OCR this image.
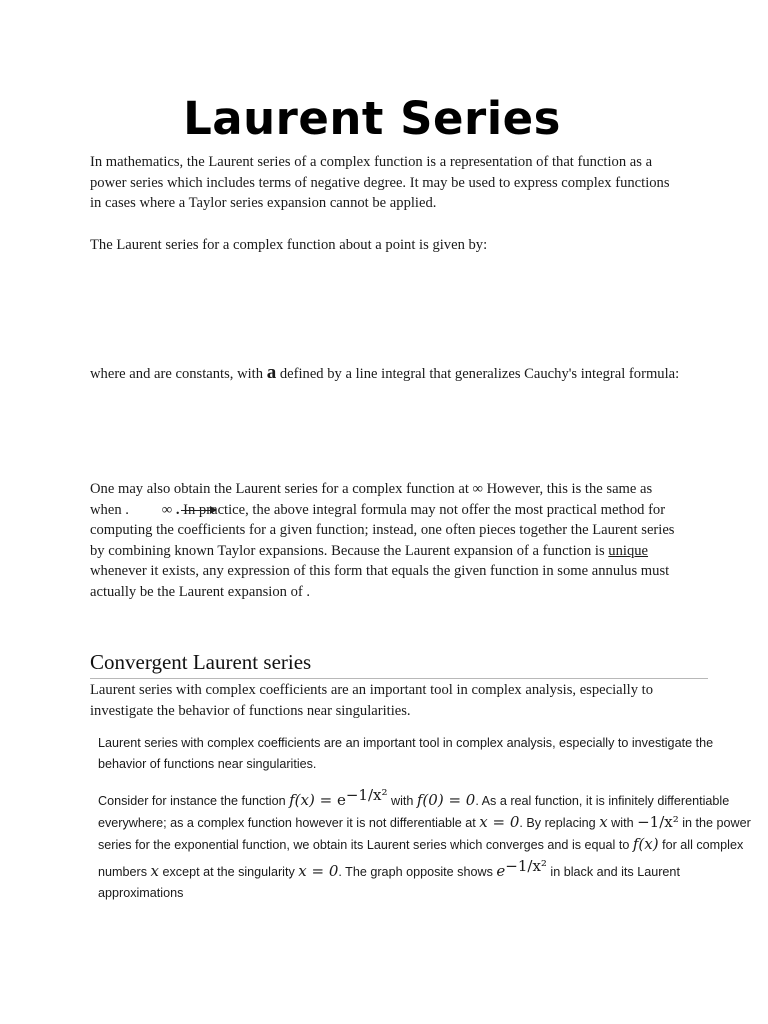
Laurent Series

In mathematics, the Laurent series of a complex function is a representation of that function as a power series which includes terms of negative degree. It may be used to express complex functions in cases where a Taylor series expansion cannot be applied.

The Laurent series for a complex function about a point is given by:

where and are constants, with a defined by a line integral that generalizes Cauchy's integral formula:

One may also obtain the Laurent series for a complex function at ∞ However, this is the same as when . ∞ . In pr
actice, the above integral formula may not offer the most practical method for computing the coefficients for a given function; instead, one often pieces together the Laurent series by combining known Taylor expansions. Because the Laurent expansion of a function is unique whenever it exists, any expression of this form that equals the given function in some annulus must actually be the Laurent expansion of .

Convergent Laurent series

Laurent series with complex coefficients are an important tool in complex analysis, especially to investigate the behavior of functions near singularities.

Laurent series with complex coefficients are an important tool in complex analysis, especially to investigate the behavior of functions near singularities.

Consider for instance the function $f(x) = e^{-1/x^2}$ with f(0) = 0. As a real function, it is infinitely differentiable everywhere; as a complex function however it is not differentiable at x = 0. By replacing x with −1/x² in the power series for the exponential function, we obtain its Laurent series which converges and is equal to f(x) for all complex numbers x except at the singularity x = 0. The graph opposite shows $e^{-1/x^2}$ in black and its Laurent approximations
